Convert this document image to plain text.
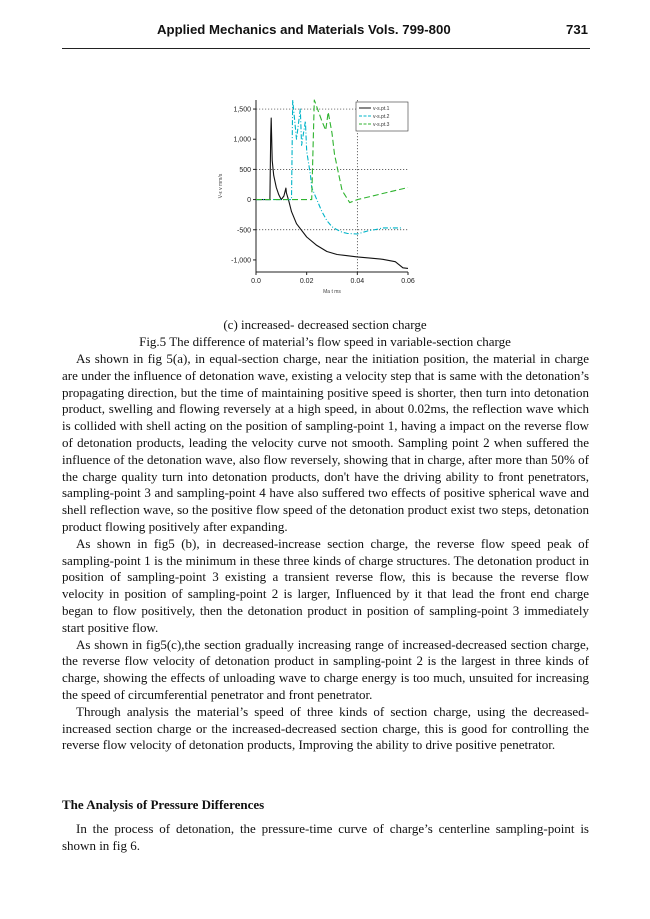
Applied Mechanics and Materials Vols. 799-800	731
v-s.pt.1
v-s.pt.2
v-s.pt.3
1,500
1,000
500
0
-500
-1,000
0.0	0.02	0.04	0.06
Ma t ms
V-ε v mm/s
(c) increased- decreased section charge
Fig.5 The difference of material’s flow speed in variable-section charge

As shown in fig 5(a), in equal-section charge, near the initiation position, the material in charge are under the influence of detonation wave, existing a velocity step that is same with the detonation’s propagating direction, but the time of maintaining positive speed is shorter, then turn into detonation product, swelling and flowing reversely at a high speed, in about 0.02ms, the reflection wave which is collided with shell acting on the position of sampling-point 1, having a impact on the reverse flow of detonation products, leading the velocity curve not smooth. Sampling point 2 when suffered the influence of the detonation wave, also flow reversely, showing that in charge, after more than 50% of the charge quality turn into detonation products, don't have the driving ability to front penetrators, sampling-point 3 and sampling-point 4 have also suffered two effects of positive spherical wave and shell reflection wave, so the positive flow speed of the detonation product exist two steps, detonation product flowing positively after expanding.

As shown in fig5 (b), in decreased-increase section charge, the reverse flow speed peak of sampling-point 1 is the minimum in these three kinds of charge structures. The detonation product in position of sampling-point 3 existing a transient reverse flow, this is because the reverse flow velocity in position of sampling-point 2 is larger, Influenced by it that lead the front end charge began to flow positively, then the detonation product in position of sampling-point 3 immediately start positive flow.

As shown in fig5(c),the section gradually increasing range of increased-decreased section charge, the reverse flow velocity of detonation product in sampling-point 2 is the largest in three kinds of charge, showing the effects of unloading wave to charge energy is too much, unsuited for increasing the speed of circumferential penetrator and front penetrator.

Through analysis the material’s speed of three kinds of section charge, using the decreased-increased section charge or the increased-decreased section charge, this is good for controlling the reverse flow velocity of detonation products, Improving the ability to drive positive penetrator.

The Analysis of Pressure Differences

In the process of detonation, the pressure-time curve of charge’s centerline sampling-point is shown in fig 6.
